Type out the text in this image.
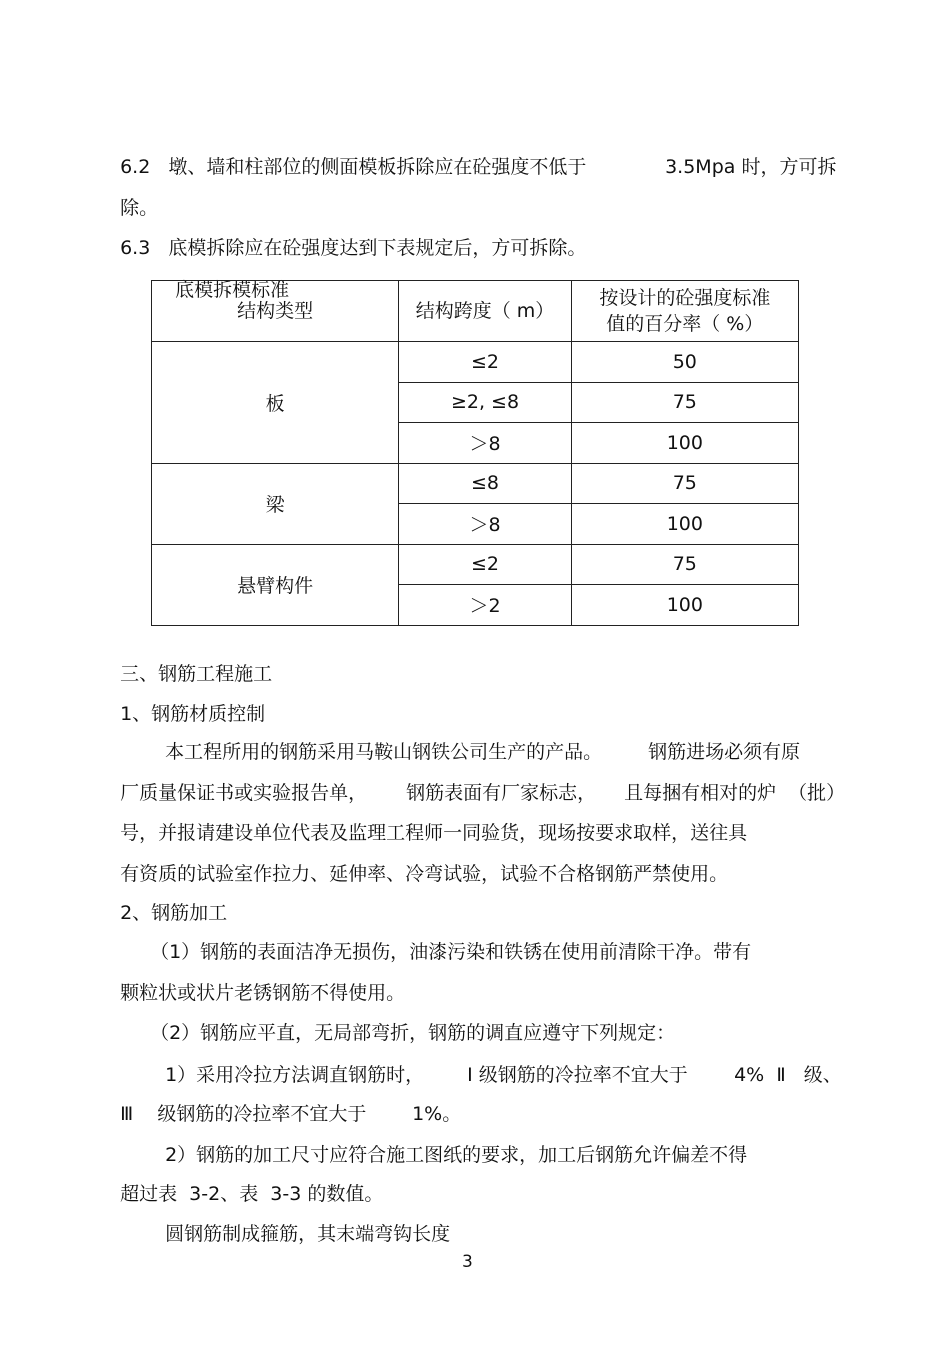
6.2   墩、墙和柱部位的侧面模板拆除应在砼强度不低于	3.5Mpa 时，方可拆

除。

6.3   底模拆除应在砼强度达到下表规定后，方可拆除。

底模拆模标准

结构类型	结构跨度（ m）	按设计的砼强度标准
值的百分率（ %）

板	≤2	50
	≥2, ≤8	75
	＞8	100
梁	≤8	75
	＞8	100
悬臂构件	≤2	75
	＞2	100

三、钢筋工程施工

1、钢筋材质控制

本工程所用的钢筋采用马鞍山钢铁公司生产的产品。	钢筋进场必须有原

厂质量保证书或实验报告单，	钢筋表面有厂家标志，	且每捆有相对的炉  （批）

号，并报请建设单位代表及监理工程师一同验货，现场按要求取样，送往具

有资质的试验室作拉力、延伸率、冷弯试验，试验不合格钢筋严禁使用。

2、钢筋加工

（1）钢筋的表面洁净无损伤，油漆污染和铁锈在使用前清除干净。带有

颗粒状或状片老锈钢筋不得使用。

（2）钢筋应平直，无局部弯折，钢筋的调直应遵守下列规定：

1）采用冷拉方法调直钢筋时，	Ⅰ 级钢筋的冷拉率不宜大于	4%  Ⅱ   级、

Ⅲ    级钢筋的冷拉率不宜大于	1%。

2）钢筋的加工尺寸应符合施工图纸的要求，加工后钢筋允许偏差不得

超过表  3-2、表  3-3 的数值。

圆钢筋制成箍筋，其末端弯钩长度

3
